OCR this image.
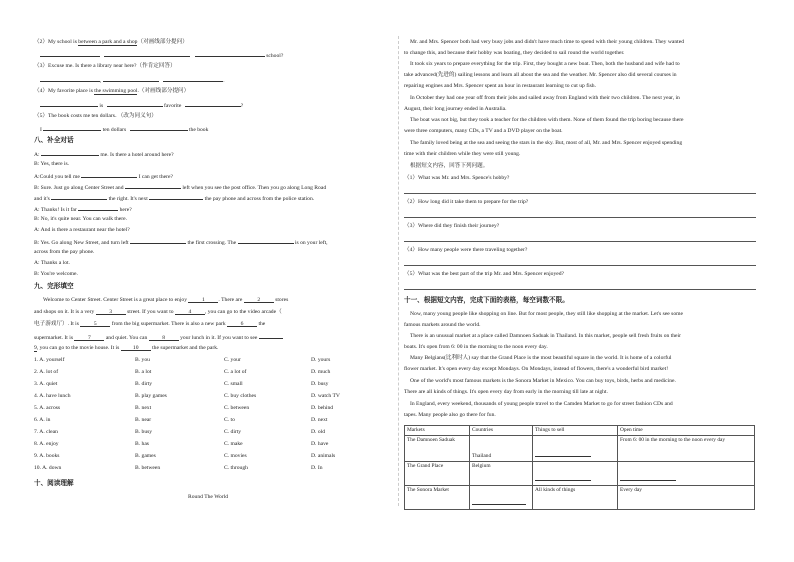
（2）My school is between a park and a shop（对画线部分提问）
school?
（3）Excuse me. Is there a library near here?（作肯定回答）
,	.
（4）My favorite place is the swimming pool.（对画线部分提问）
is	favorite	?
（5）The book costs me ten dollars．（改为同义句）
I	ten dollars	the book
八、补全对话
A:	me. Is there a hotel around here?
B: Yes, there is.
A:Could you tell me	I can get there?
B: Sure. Just go along Center Street and	left when you see the post office. Then you go along Long Road
and it's	the right. It's next	the pay phone and across from the police station.
A: Thanks! Is it far	here?
B: No, it's quite near. You can walk there.
A: And is there a restaurant near the hotel?
B: Yes. Go along New Street, and turn left	the first crossing. The	is on your left,
across from the pay phone.
A: Thanks a lot.
B: You're welcome.
九、完形填空
Welcome to Center Street. Center Street is a great place to enjoy	1 . There are	2	stores
and shops on it. It is a very	3	street. If you want to	4 , you can go to the video arcade（
电子游戏厅）. It is	5	from the big supermarket. There is also a new park	6	the
supermarket. It is	7	and quiet. You can	8	your lunch in it. If you want to see
9, you can go to the movie house. It is 10 the supermarket and the park.
1. A. yourself	B. you	C. your	D. yours
2. A. lot of	B. a lot	C. a lot of	D. much
3. A. quiet	B. dirty	C. small	D. busy
4. A. have lunch	B. play games	C. buy clothes	D. watch TV
5. A. across	B. next	C. between	D. behind
6. A. in	B. near	C. to	D. next
7. A. clean	B. busy	C. dirty	D. old
8. A. enjoy	B. has	C. make	D. have
9. A. books	B. games	C. movies	D. animals
10. A. down	B. between	C. through	D. In
十、阅读理解
Round The World
Mr. and Mrs. Spencer both had very busy jobs and didn't have much time to spend with their young children. They wanted
to change this, and because their hobby was boating, they decided to sail round the world together.
It took six years to prepare everything for the trip. First, they bought a new boat. Then, both the husband and wife had to
take advanced(先进的) sailing lessons and learn all about the sea and the weather. Mr. Spencer also did several courses in
repairing engines and Mrs. Spencer spent an hour in restaurant learning to cut up fish.
In October they had one year off from their jobs and sailed away from England with their two children. The next year, in
August, their long journey ended in Australia.
The boat was not big, but they took a teacher for the children with them. None of them found the trip boring because there
were three computers, many CDs, a TV and a DVD player on the boat.
The family loved being at the sea and seeing the stars in the sky. But, most of all, Mr. and Mrs. Spencer enjoyed spending
time with their children while they were still young.
根据短文内容，回答下列问题。
（1）What was Mr. and Mrs. Spence's hobby?
（2）How long did it take them to prepare for the trip?
（3）Where did they finish their journey?
（4）How many people were there traveling together?
（5）What was the best part of the trip Mr. and Mrs. Spencer enjoyed?
十一、根据短文内容，完成下面的表格，每空词数不限。
Now, many young people like shopping on line. But for most people, they still like shopping at the market. Let's see some
famous markets around the world.
There is an unusual market at a place called Damnoen Saduak in Thailand. In this market, people sell fresh fruits on their
boats. It's open from 6: 00 in the morning to the noon every day.
Many Belgians(比利时人) say that the Grand Place is the most beautiful square in the world. It is home of a colorful
flower market. It's open every day except Mondays. On Mondays, instead of flowers, there's a wonderful bird market!
One of the world's most famous markets is the Sonora Market in Mexico. You can buy toys, birds, herbs and medicine.
There are all kinds of things. It's open every day from early in the morning till late at night.
In England, every weekend, thousands of young people travel to the Camden Market to go for street fashion CDs and
tapes. Many people also go there for fun.
Markets	Countries	Things to sell	Open time
The Damnoen Saduak	Thailand		From 6: 00 in the morning to the noon every day
The Grand Place	Belgium		
The Sonora Market		All kinds of things	Every day
